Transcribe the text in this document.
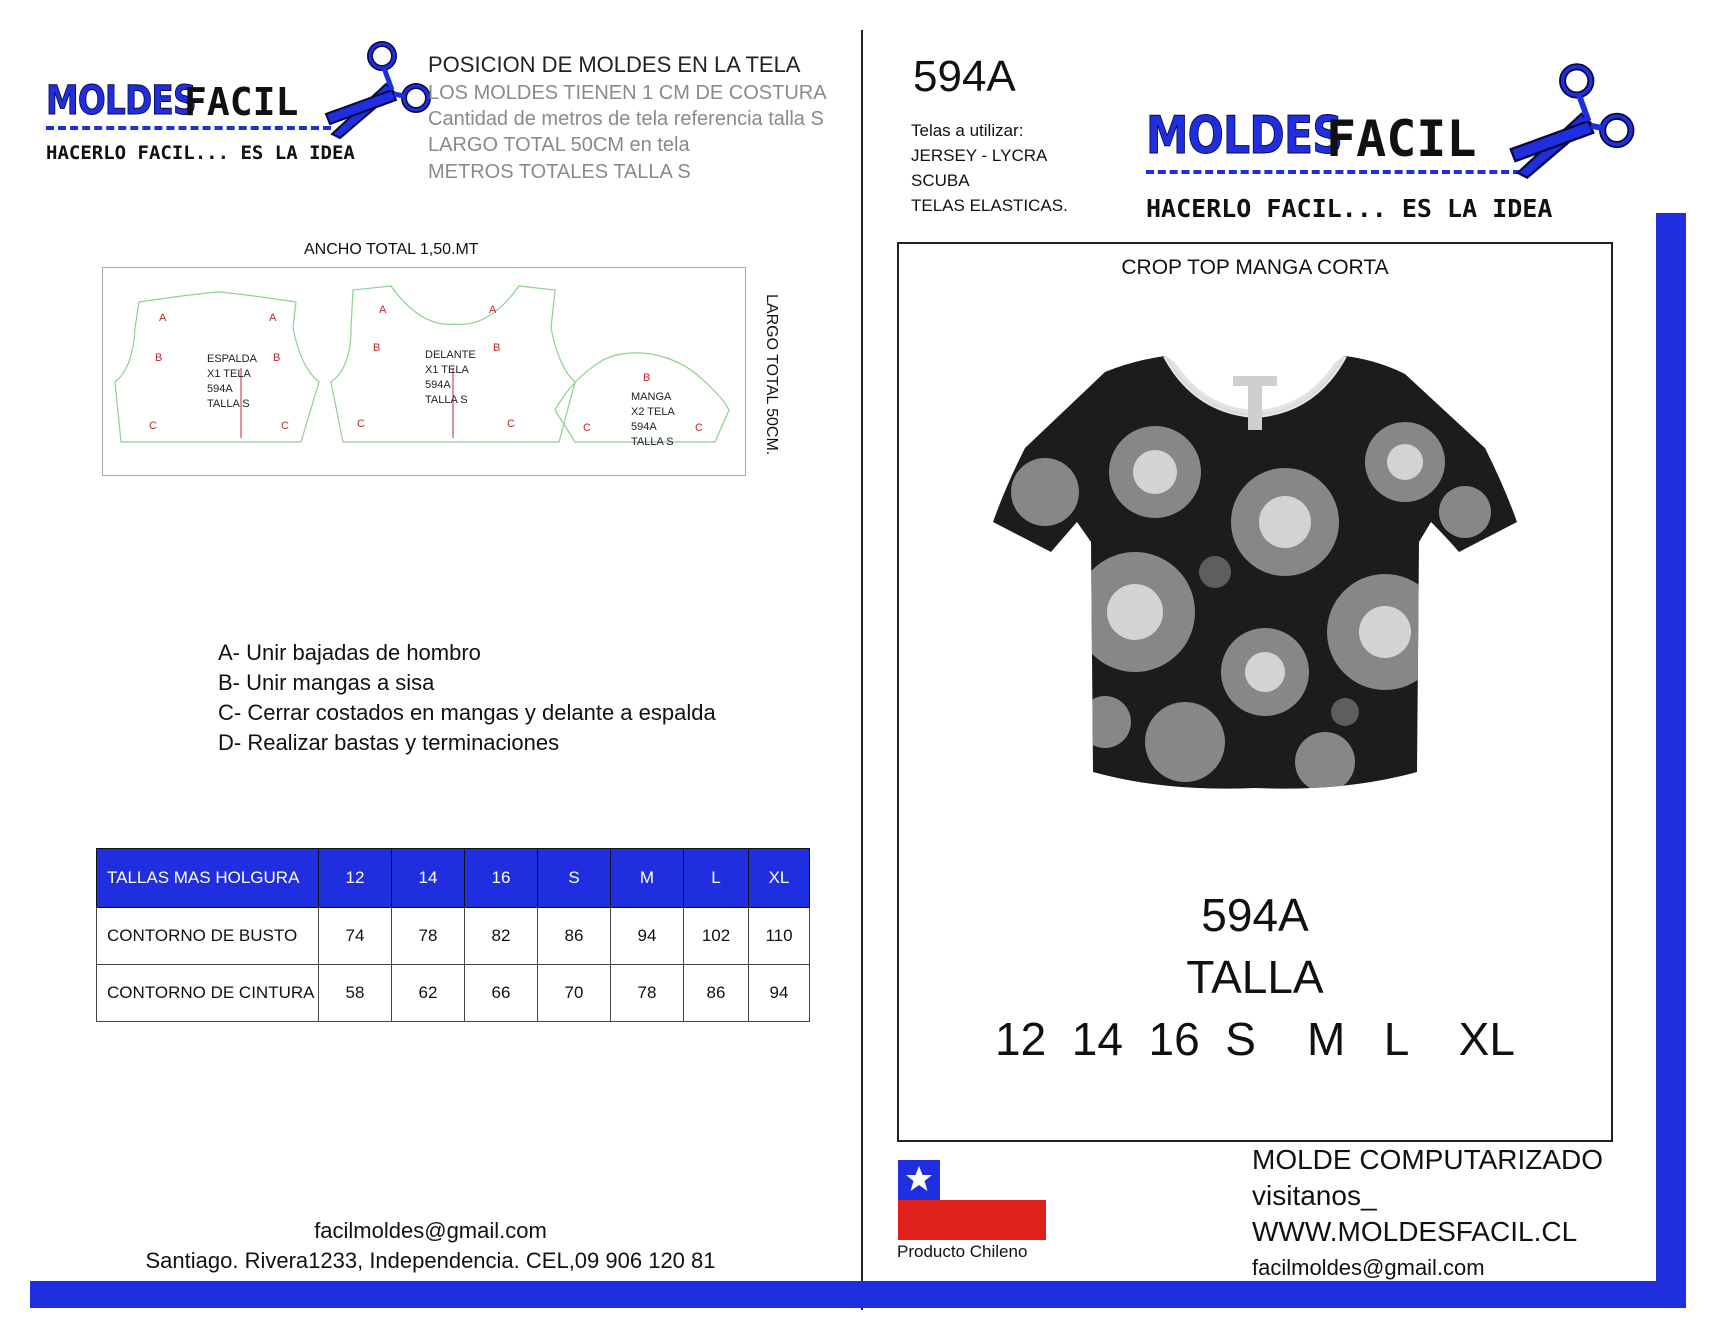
MOLDES
FACIL
HACERLO FACIL... ES LA IDEA
POSICION DE MOLDES EN LA TELA
LOS MOLDES TIENEN 1 CM DE COSTURA
Cantidad de metros de tela referencia talla S
LARGO TOTAL 50CM en tela
METROS TOTALES TALLA S
ANCHO TOTAL 1,50.MT
LARGO TOTAL 50CM.
ESPALDA
X1 TELA
594A
TALLA S
DELANTE
X1 TELA
594A
TALLA S	MANGA
X2 TELA
594A
TALLA S
A	A
B	B
C	C
A	A
B	B
C	C
B
C	C
A- Unir bajadas de hombro
B- Unir mangas a sisa
C- Cerrar costados en mangas y delante a espalda
D- Realizar bastas y terminaciones
TALLAS MAS HOLGURA	12	14	16	S	M	L	XL
CONTORNO DE BUSTO	74	78	82	86	94	102	110
CONTORNO DE CINTURA	58	62	66	70	78	86	94
facilmoldes@gmail.com
Santiago. Rivera1233, Independencia. CEL,09 906 120 81
594A
Telas a utilizar:
JERSEY - LYCRA
SCUBA
TELAS ELASTICAS.
MOLDES
FACIL
HACERLO FACIL... ES LA IDEA
CROP TOP MANGA CORTA
594A
TALLA
12  14  16  S    M   L    XL
Producto Chileno
MOLDE COMPUTARIZADO
visitanos_
WWW.MOLDESFACIL.CL
facilmoldes@gmail.com
